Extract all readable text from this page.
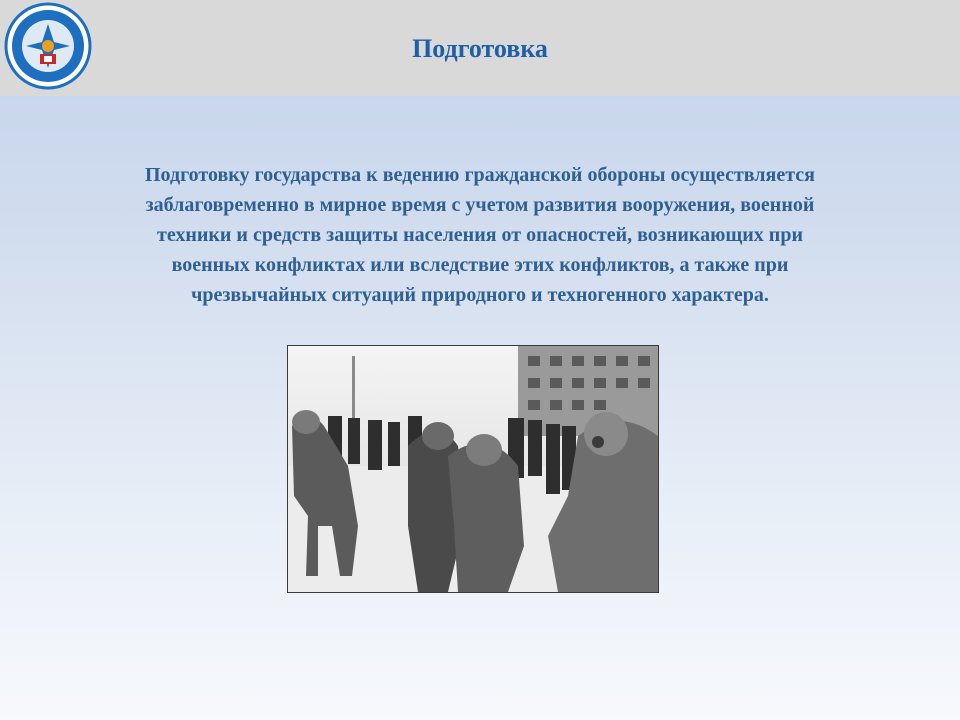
Подготовка
Подготовку государства к ведению гражданской обороны осуществляется
заблаговременно в мирное время с учетом развития вооружения, военной
техники и средств защиты населения от опасностей, возникающих при
военных конфликтах или вследствие этих конфликтов, а также при
чрезвычайных ситуаций природного и техногенного характера.
